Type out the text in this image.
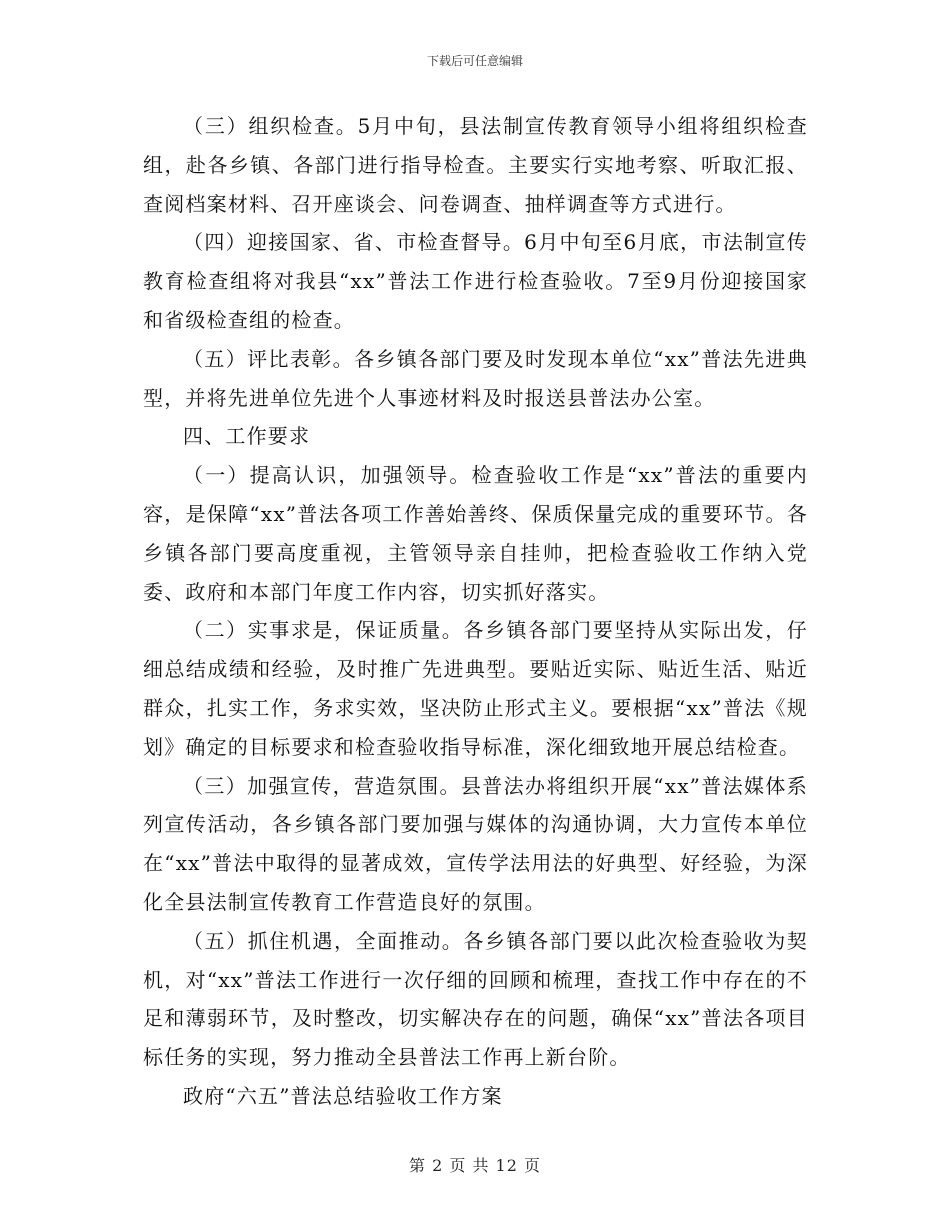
下载后可任意编辑

（三）组织检查。5月中旬，县法制宣传教育领导小组将组织检查组，赴各乡镇、各部门进行指导检查。主要实行实地考察、听取汇报、查阅档案材料、召开座谈会、问卷调查、抽样调查等方式进行。

（四）迎接国家、省、市检查督导。6月中旬至6月底，市法制宣传教育检查组将对我县“xx”普法工作进行检查验收。7至9月份迎接国家和省级检查组的检查。

（五）评比表彰。各乡镇各部门要及时发现本单位“xx”普法先进典型，并将先进单位先进个人事迹材料及时报送县普法办公室。

四、工作要求

（一）提高认识，加强领导。检查验收工作是“xx”普法的重要内容，是保障“xx”普法各项工作善始善终、保质保量完成的重要环节。各乡镇各部门要高度重视，主管领导亲自挂帅，把检查验收工作纳入党委、政府和本部门年度工作内容，切实抓好落实。

（二）实事求是，保证质量。各乡镇各部门要坚持从实际出发，仔细总结成绩和经验，及时推广先进典型。要贴近实际、贴近生活、贴近群众，扎实工作，务求实效，坚决防止形式主义。要根据“xx”普法《规划》确定的目标要求和检查验收指导标准，深化细致地开展总结检查。

（三）加强宣传，营造氛围。县普法办将组织开展“xx”普法媒体系列宣传活动，各乡镇各部门要加强与媒体的沟通协调，大力宣传本单位在“xx”普法中取得的显著成效，宣传学法用法的好典型、好经验，为深化全县法制宣传教育工作营造良好的氛围。

（五）抓住机遇，全面推动。各乡镇各部门要以此次检查验收为契机，对“xx”普法工作进行一次仔细的回顾和梳理，查找工作中存在的不足和薄弱环节，及时整改，切实解决存在的问题，确保“xx”普法各项目标任务的实现，努力推动全县普法工作再上新台阶。

政府“六五”普法总结验收工作方案

第 2 页 共 12 页
